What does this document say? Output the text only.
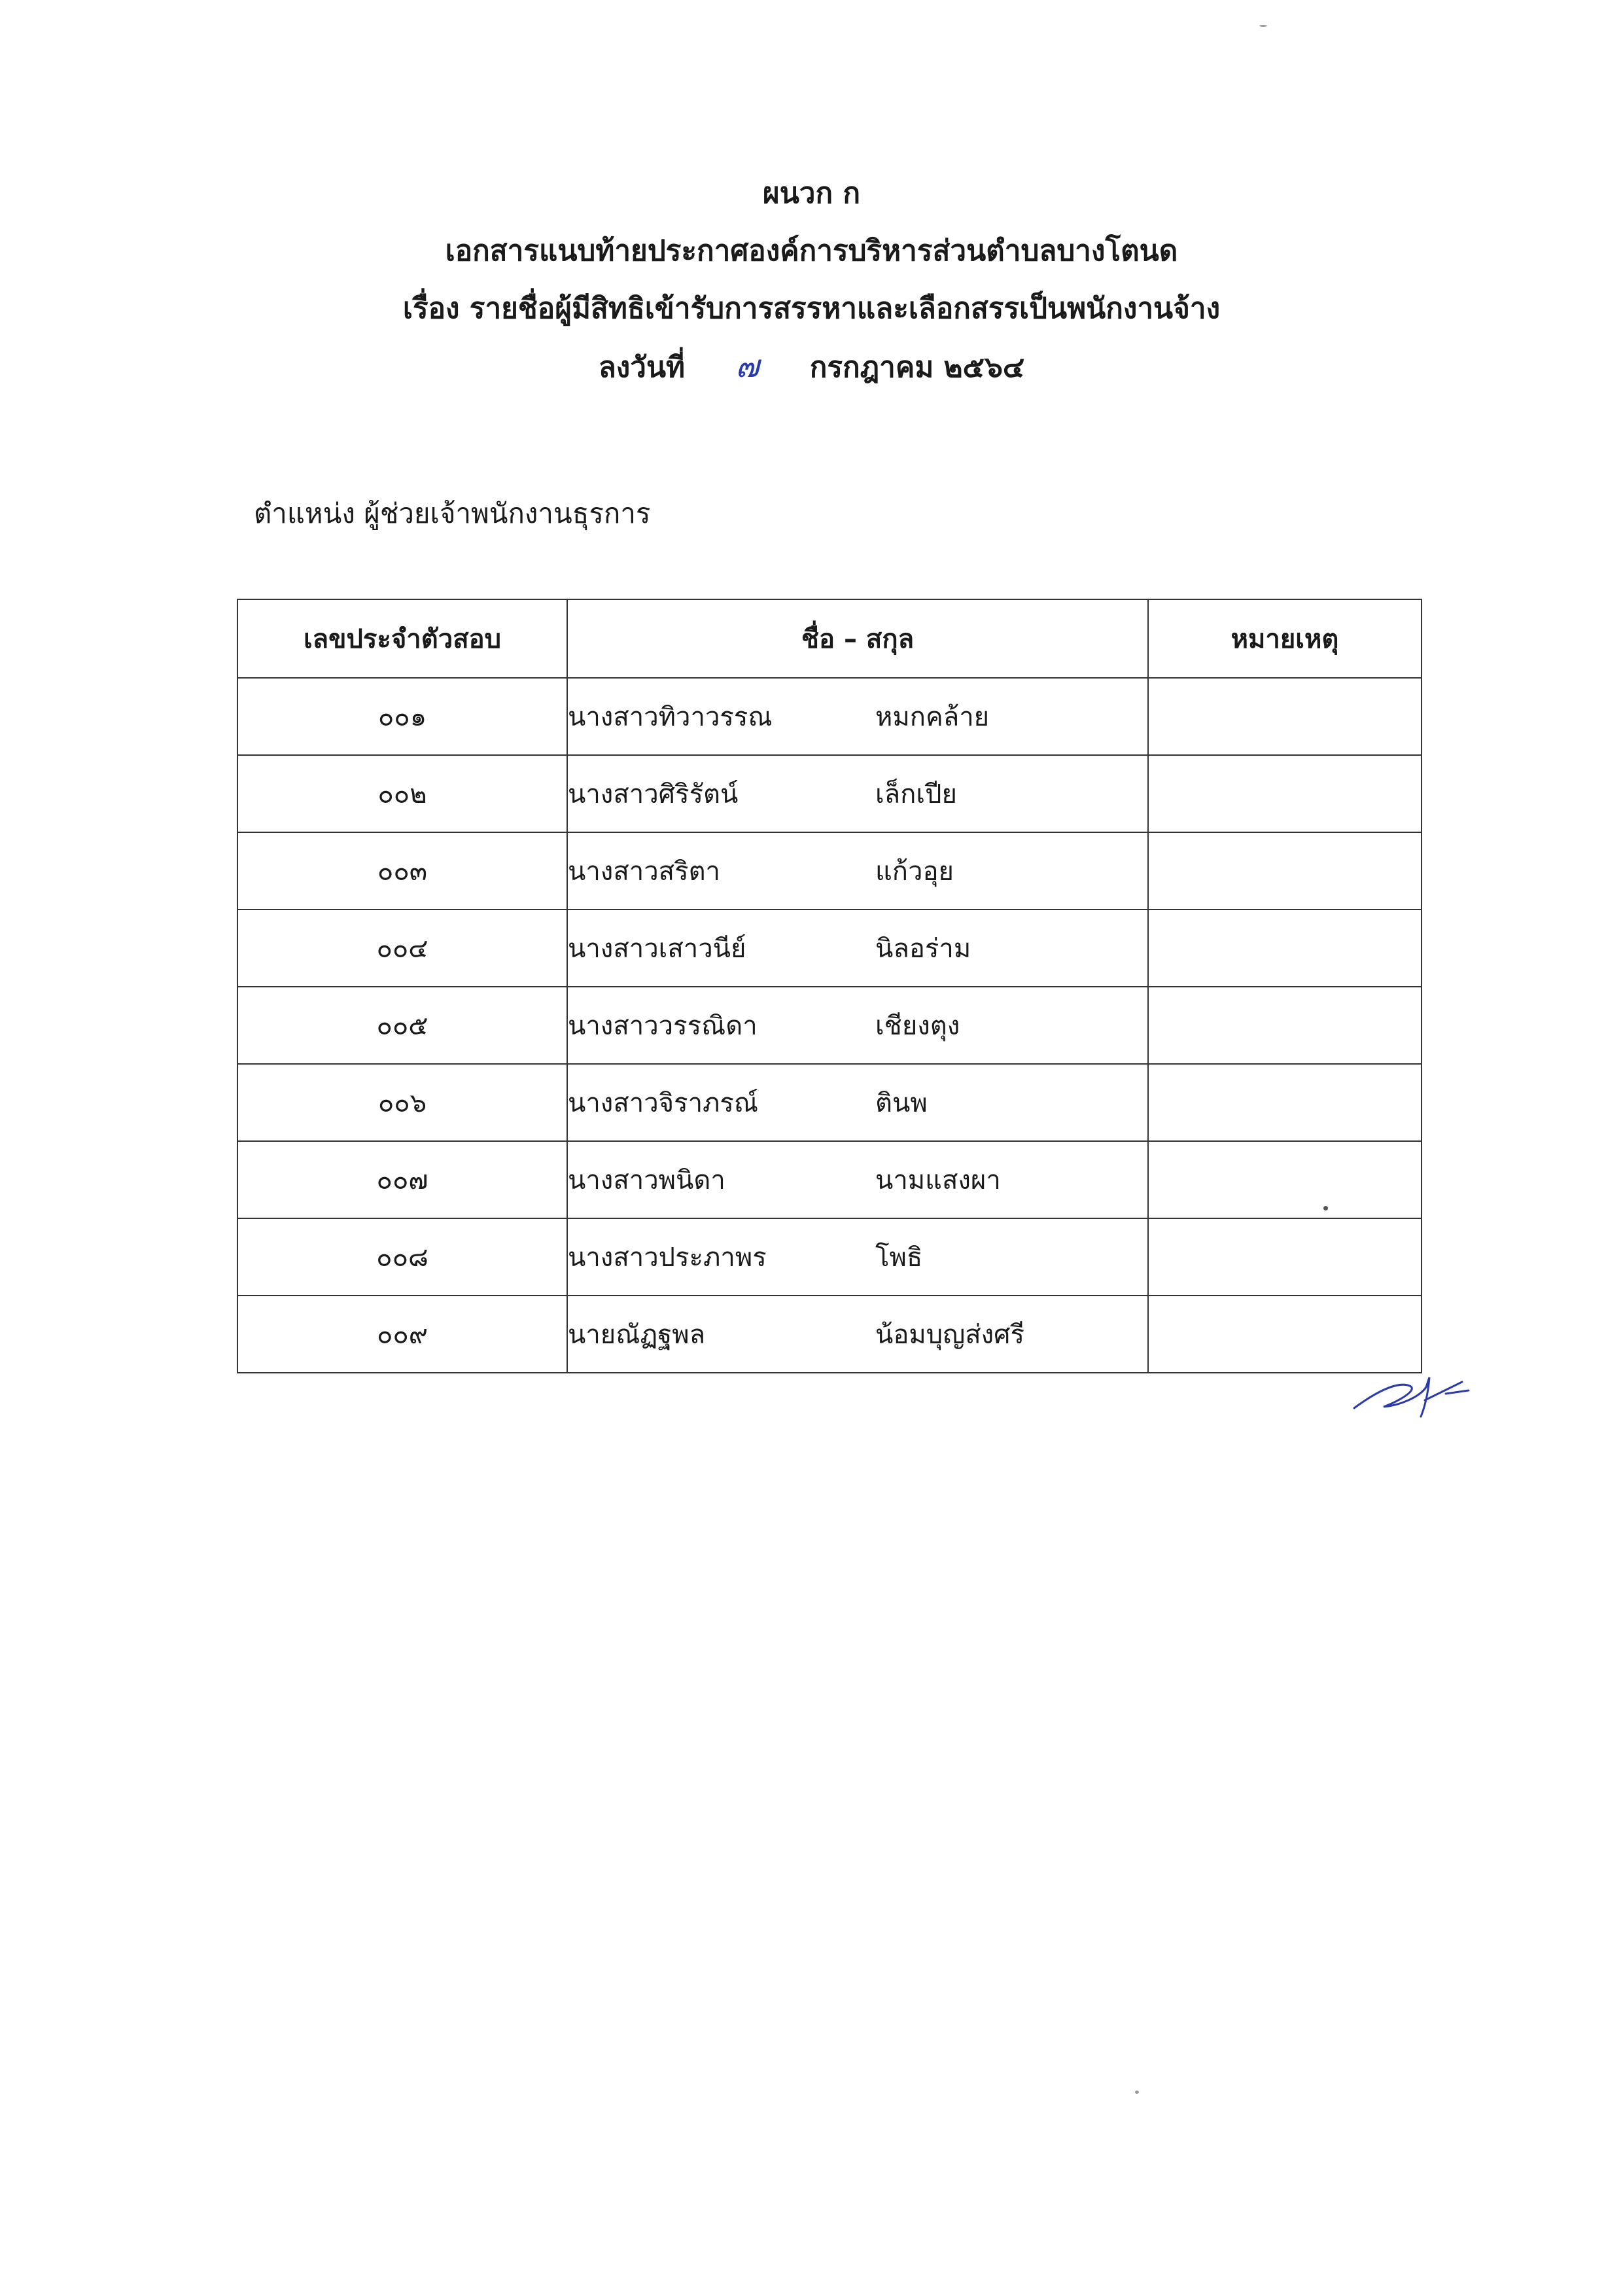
ผนวก ก
เอกสารแนบท้ายประกาศองค์การบริหารส่วนตำบลบางโตนด
เรื่อง รายชื่อผู้มีสิทธิเข้ารับการสรรหาและเลือกสรรเป็นพนักงานจ้าง
ลงวันที่ ๗ กรกฎาคม ๒๕๖๔
ตำแหน่ง ผู้ช่วยเจ้าพนักงานธุรการ
เลขประจำตัวสอบ	ชื่อ – สกุล	หมายเหตุ
๐๐๑	นางสาวทิวาวรรณ หมกคล้าย	
๐๐๒	นางสาวศิริรัตน์ เล็กเปีย	
๐๐๓	นางสาวสริตา แก้วอุย	
๐๐๔	นางสาวเสาวนีย์ นิลอร่าม	
๐๐๕	นางสาววรรณิดา เชียงตุง	
๐๐๖	นางสาวจิราภรณ์ ตินพ	
๐๐๗	นางสาวพนิดา นามแสงผา	
๐๐๘	นางสาวประภาพร โพธิ	
๐๐๙	นายณัฏฐพล น้อมบุญส่งศรี	
